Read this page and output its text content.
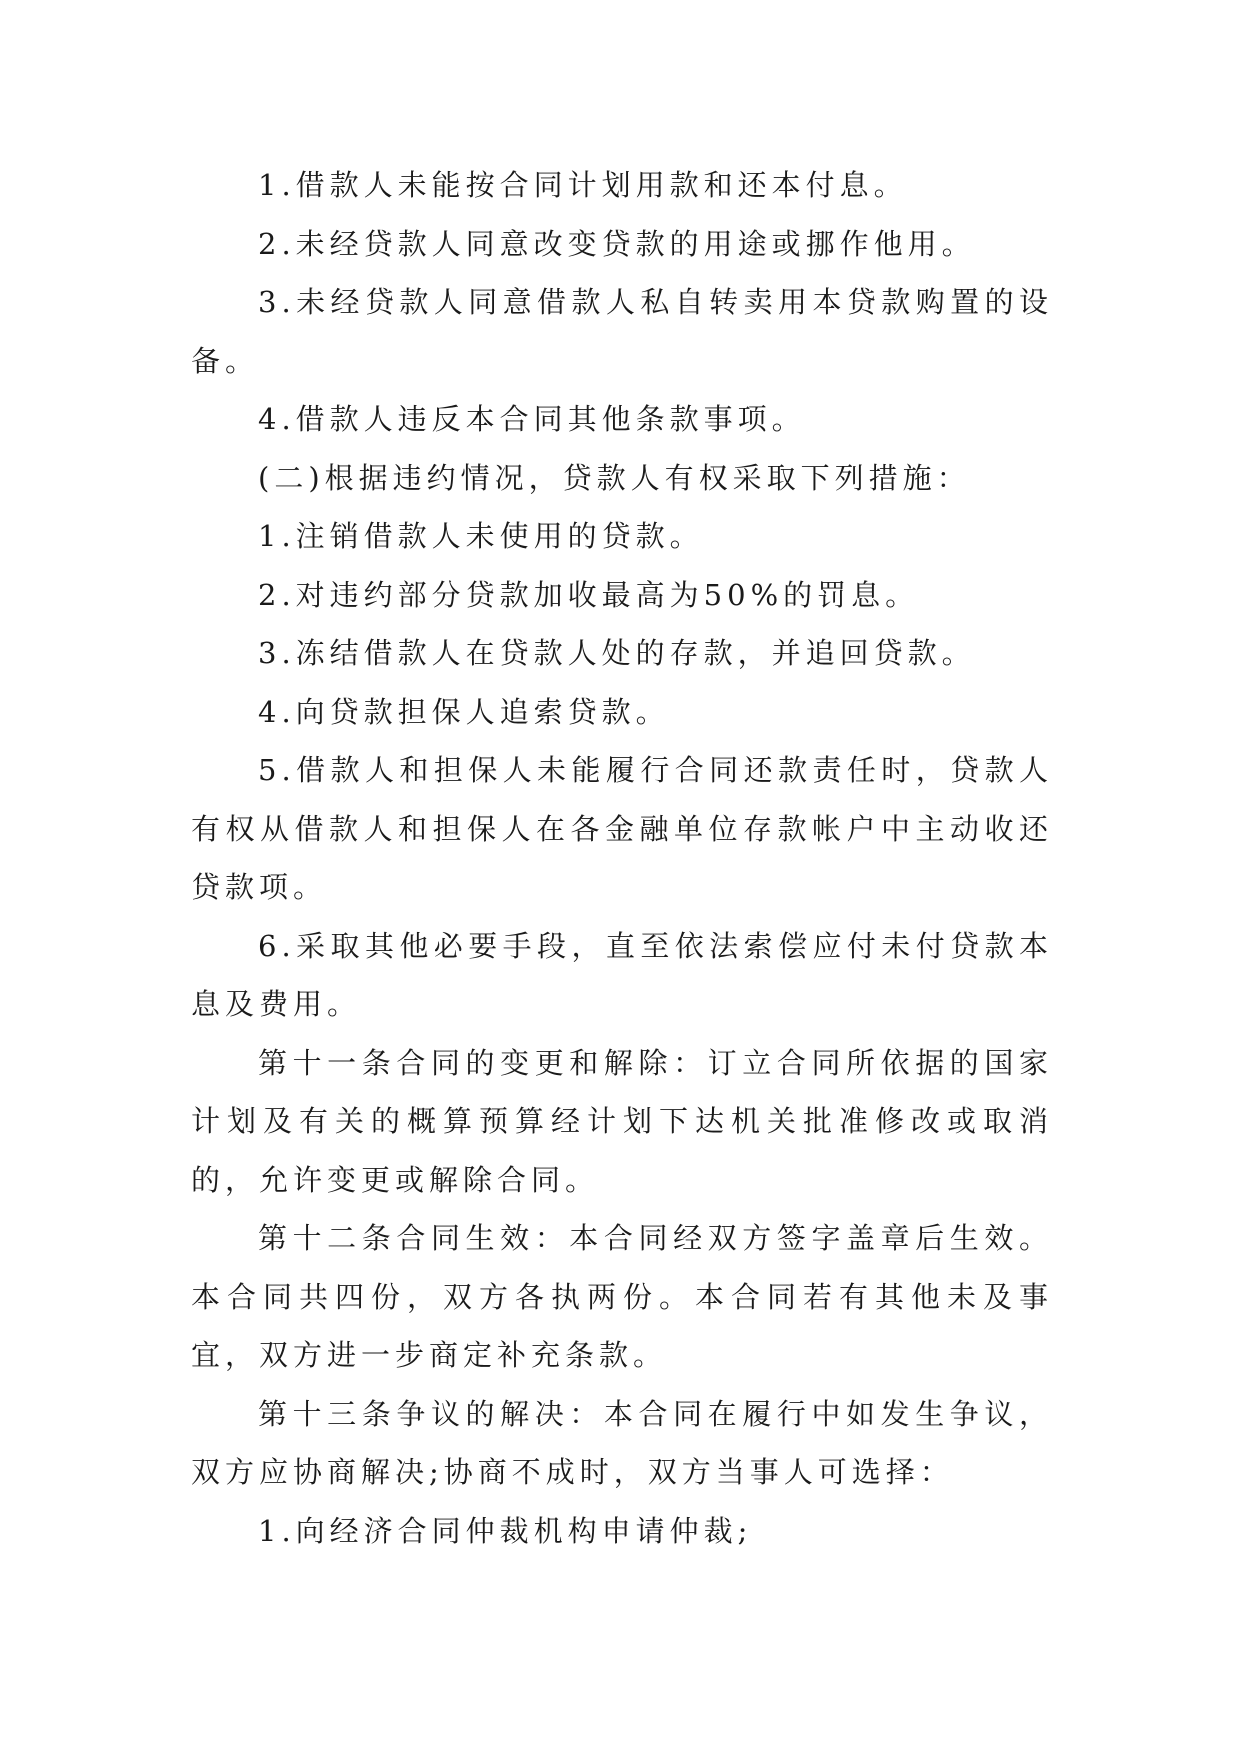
1.借款人未能按合同计划用款和还本付息。

2.未经贷款人同意改变贷款的用途或挪作他用。

3.未经贷款人同意借款人私自转卖用本贷款购置的设备。

4.借款人违反本合同其他条款事项。

(二)根据违约情况，贷款人有权采取下列措施：

1.注销借款人未使用的贷款。

2.对违约部分贷款加收最高为50%的罚息。

3.冻结借款人在贷款人处的存款，并追回贷款。

4.向贷款担保人追索贷款。

5.借款人和担保人未能履行合同还款责任时，贷款人有权从借款人和担保人在各金融单位存款帐户中主动收还贷款项。

6.采取其他必要手段，直至依法索偿应付未付贷款本息及费用。

第十一条合同的变更和解除：订立合同所依据的国家计划及有关的概算预算经计划下达机关批准修改或取消的，允许变更或解除合同。

第十二条合同生效：本合同经双方签字盖章后生效。本合同共四份，双方各执两份。本合同若有其他未及事宜，双方进一步商定补充条款。

第十三条争议的解决：本合同在履行中如发生争议，双方应协商解决;协商不成时，双方当事人可选择：

1.向经济合同仲裁机构申请仲裁;
